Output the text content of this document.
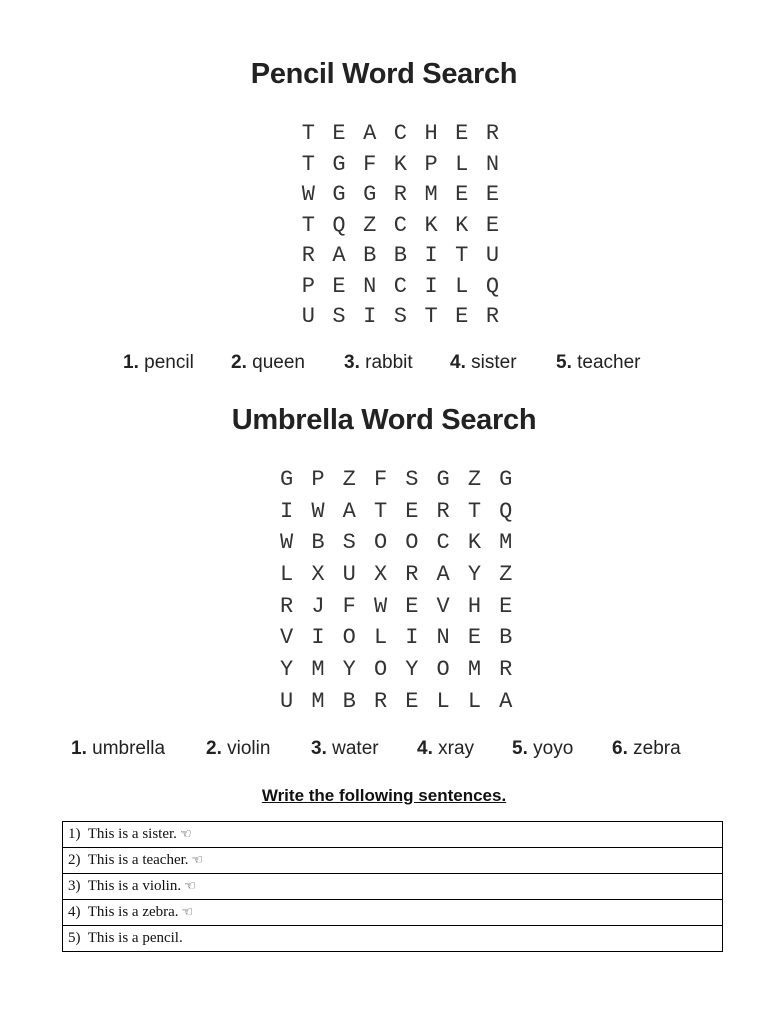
Pencil Word Search
T E A C H E R
T G F K P L N
W G G R M E E
T Q Z C K K E
R A B B I T U
P E N C I L Q
U S I S T E R
1. pencil 2. queen 3. rabbit 4. sister 5. teacher
Umbrella Word Search
G P Z F S G Z G
I W A T E R T Q
W B S O O C K M
L X U X R A Y Z
R J F W E V H E
V I O L I N E B
Y M Y O Y O M R
U M B R E L L A
1. umbrella 2. violin 3. water 4. xray 5. yoyo 6. zebra
Write the following sentences.
1) This is a sister. ☜
2) This is a teacher. ☜
3) This is a violin. ☜
4) This is a zebra. ☜
5) This is a pencil.
